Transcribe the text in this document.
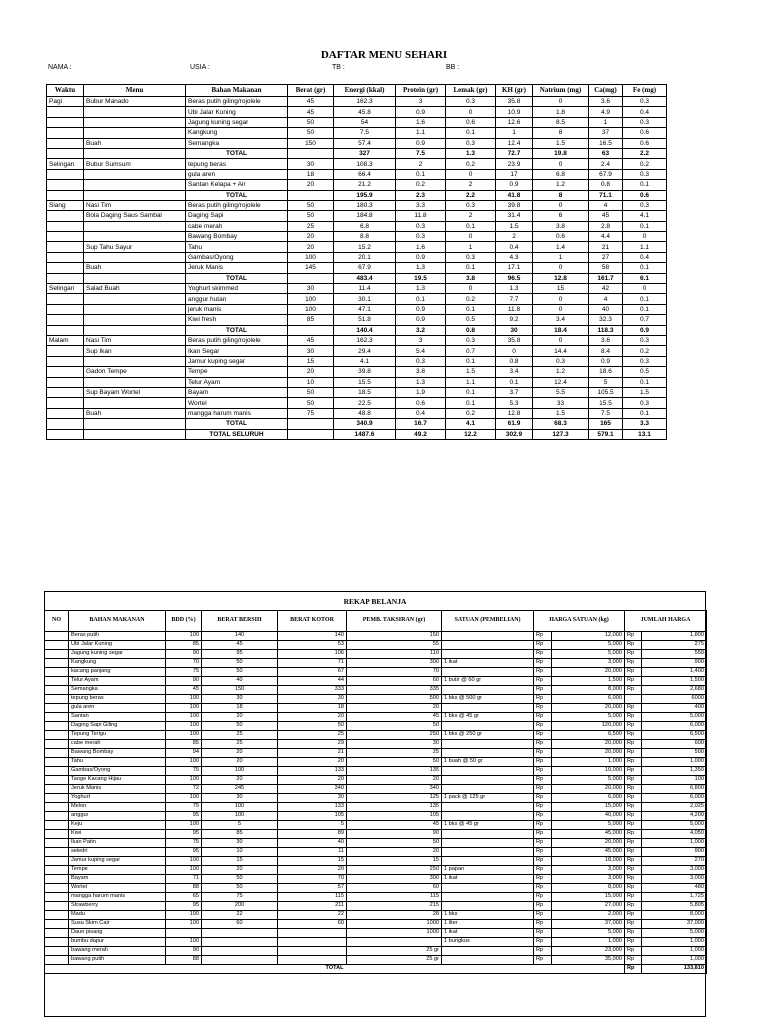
DAFTAR MENU SEHARI
NAMA :	USIA :	TB :	BB :
Waktu	Menu	Bahan Makanan	Berat (gr)	Energi (kkal)	Protein (gr)	Lemak (gr)	KH (gr)	Natrium (mg)	Ca(mg)	Fe (mg)
Pagi	Bubur Manado	Beras putih giling/rojolele	45	162.3	3	0.3	35.8	0	3.6	0.3
		Ubi Jalar Kuning	45	45.8	0.9	0	10.9	1.8	4.9	0.4
		Jagung kuning segar	50	54	1.6	0.6	12.6	8.5	1	0.3
		Kangkung	50	7.5	1.1	0.1	1	8	37	0.6
	Buah	Semangka	150	57.4	0.9	0.3	12.4	1.5	16.5	0.6
		TOTAL		327	7.5	1.3	72.7	19.8	63	2.2
Selingan	Bubur Sumsum	tepung beras	30	108.3	2	0.2	23.9	0	2.4	0.2
		gula aren	18	66.4	0.1	0	17	6.8	67.9	0.3
		Santan Kelapa + Air	20	21.2	0.2	2	0.9	1.2	0.8	0.1
		TOTAL		195.9	2.3	2.2	41.8	8	71.1	0.6
Siang	Nasi Tim	Beras putih giling/rojolele	50	180.3	3.3	0.3	39.8	0	4	0.3
	Bola Daging Saus Sambal	Daging Sapi	50	184.8	11.8	2	31.4	6	45	4.1
		cabe merah	25	6.8	0.3	0.1	1.5	3.8	2.8	0.1
		Bawang Bombay	20	8.8	0.3	0	2	0.6	4.4	0
	Sup Tahu Sayur	Tahu	20	15.2	1.6	1	0.4	1.4	21	1.1
		Gambas/Oyong	100	20.1	0.9	0.3	4.3	1	27	0.4
	Buah	Jeruk Manis	145	67.9	1.3	0.1	17.1	0	58	0.1
		TOTAL		483.4	19.5	3.8	96.5	12.8	161.7	6.1
Selingan	Salad Buah	Yoghurt skimmed	30	11.4	1.3	0	1.3	15	42	0
		anggur hutan	100	30.1	0.1	0.2	7.7	0	4	0.1
		jeruk manis	100	47.1	0.9	0.1	11.8	0	40	0.1
		Kiwi fresh	85	51.8	0.9	0.5	9.2	3.4	32.3	0.7
		TOTAL		140.4	3.2	0.8	30	18.4	118.3	0.9
Malam	Nasi Tim	Beras putih giling/rojolele	45	162.3	3	0.3	35.8	0	3.6	0.3
	Sup Ikan	Ikan Segar	30	29.4	5.4	0.7	0	14.4	8.4	0.2
		Jamur kuping segar	15	4.1	0.3	0.1	0.8	0.3	0.9	0.3
	Gadon Tempe	Tempe	20	39.8	3.8	1.5	3.4	1.2	18.6	0.5
		Telur Ayam	10	15.5	1.3	1.1	0.1	12.4	5	0.1
	Sup Bayam Wortel	Bayam	50	18.5	1.9	0.1	3.7	5.5	105.5	1.5
		Wortel	50	22.5	0.6	0.1	5.3	33	15.5	0.3
	Buah	mangga harum manis	75	48.8	0.4	0.2	12.8	1.5	7.5	0.1
		TOTAL		340.9	16.7	4.1	61.9	68.3	165	3.3
		TOTAL SELURUH		1487.6	49.2	12.2	302.9	127.3	579.1	13.1
REKAP BELANJA
NO	BAHAN MAKANAN	BDD (%)	BERAT BERSIH	BERAT KOTOR	PEMB. TAKSIRAN (gr)	SATUAN (PEMBELIAN)	HARGA SATUAN (kg)		JUMLAH HARGA	
	Beras putih	100	140	140	150		Rp	12,000	Rp	1,800
	Ubi Jalar Kuning	85	45	53	55		Rp	5,000	Rp	275
	Jagung kuning segar	90	95	106	110		Rp	5,000	Rp	550
	Kangkung	70	50	71	300	1 ikat	Rp	3,000	Rp	900
	kacang panjang	75	50	67	70		Rp	20,000	Rp	1,400
	Telur Ayam	90	40	44	60	1 butir @ 60 gr	Rp	1,500	Rp	1,500
	Semangka	45	150	333	335		Rp	8,000	Rp	2,680
	tepung beras	100	30	30	500	1 bks @ 500 gr	Rp	6,000		6000
	gula aren	100	18	18	20		Rp	20,000	Rp	400
	Santan	100	20	20	45	1 bks @ 45 gr	Rp	5,000	Rp	5,000
	Daging Sapi Giling	100	50	50	50		Rp	120,000	Rp	6,000
	Tepung Terigu	100	25	25	250	1 bks @ 250 gr	Rp	6,500	Rp	6,500
	cabe merah	85	25	29	30		Rp	20,000	Rp	600
	Bawang Bombay	94	20	21	25		Rp	20,000	Rp	500
	Tahu	100	20	20	50	1 buah @ 50 gr	Rp	1,000	Rp	1,000
	Gambas/Oyong	75	100	133	135		Rp	10,000	Rp	1,350
	Taoge Kacang Hijau	100	20	20	20		Rp	5,000	Rp	100
	Jeruk Manis	72	245	340	340		Rp	20,000	Rp	6,800
	Yoghurt	100	30	30	125	1 pack @ 125 gr	Rp	6,000	Rp	6,000
	Melon	75	100	133	135		Rp	15,000	Rp	2,025
	anggur	95	100	105	105		Rp	40,000	Rp	4,200
	Keju	100	5	5	45	1 bks @ 45 gr	Rp	5,000	Rp	5,000
	Kiwi	95	85	89	90		Rp	45,000	Rp	4,050
	Ikan Patin	75	30	40	50		Rp	20,000	Rp	1,000
	seledri	95	10	11	20		Rp	45,000	Rp	900
	Jamur kuping segar	100	15	15	15		Rp	18,000	Rp	270
	Tempe	100	20	20	250	1 papan	Rp	3,000	Rp	3,000
	Bayam	71	50	70	300	1 ikat	Rp	3,000	Rp	3,000
	Wortel	88	50	57	60		Rp	8,000	Rp	480
	mangga harum manis	65	75	115	115		Rp	15,000	Rp	1,725
	Strawberry	95	200	211	215		Rp	27,000	Rp	5,805
	Madu	100	22	22	28	1 bks	Rp	2,000	Rp	8,000
	Susu Skim Cair	100	60	60	1000	1 liter	Rp	37,000	Rp	37,000
	Daun pisang				1000	1 ikat	Rp	5,000	Rp	5,000
	bumbu dapur	100				1 bungkus	Rp	1,000	Rp	1,000
	bawang merah	90			25 gr		Rp	23,000	Rp	1,000
	bawang putih	88			25 gr		Rp	35,000	Rp	1,000
TOTAL									Rp	133,810
